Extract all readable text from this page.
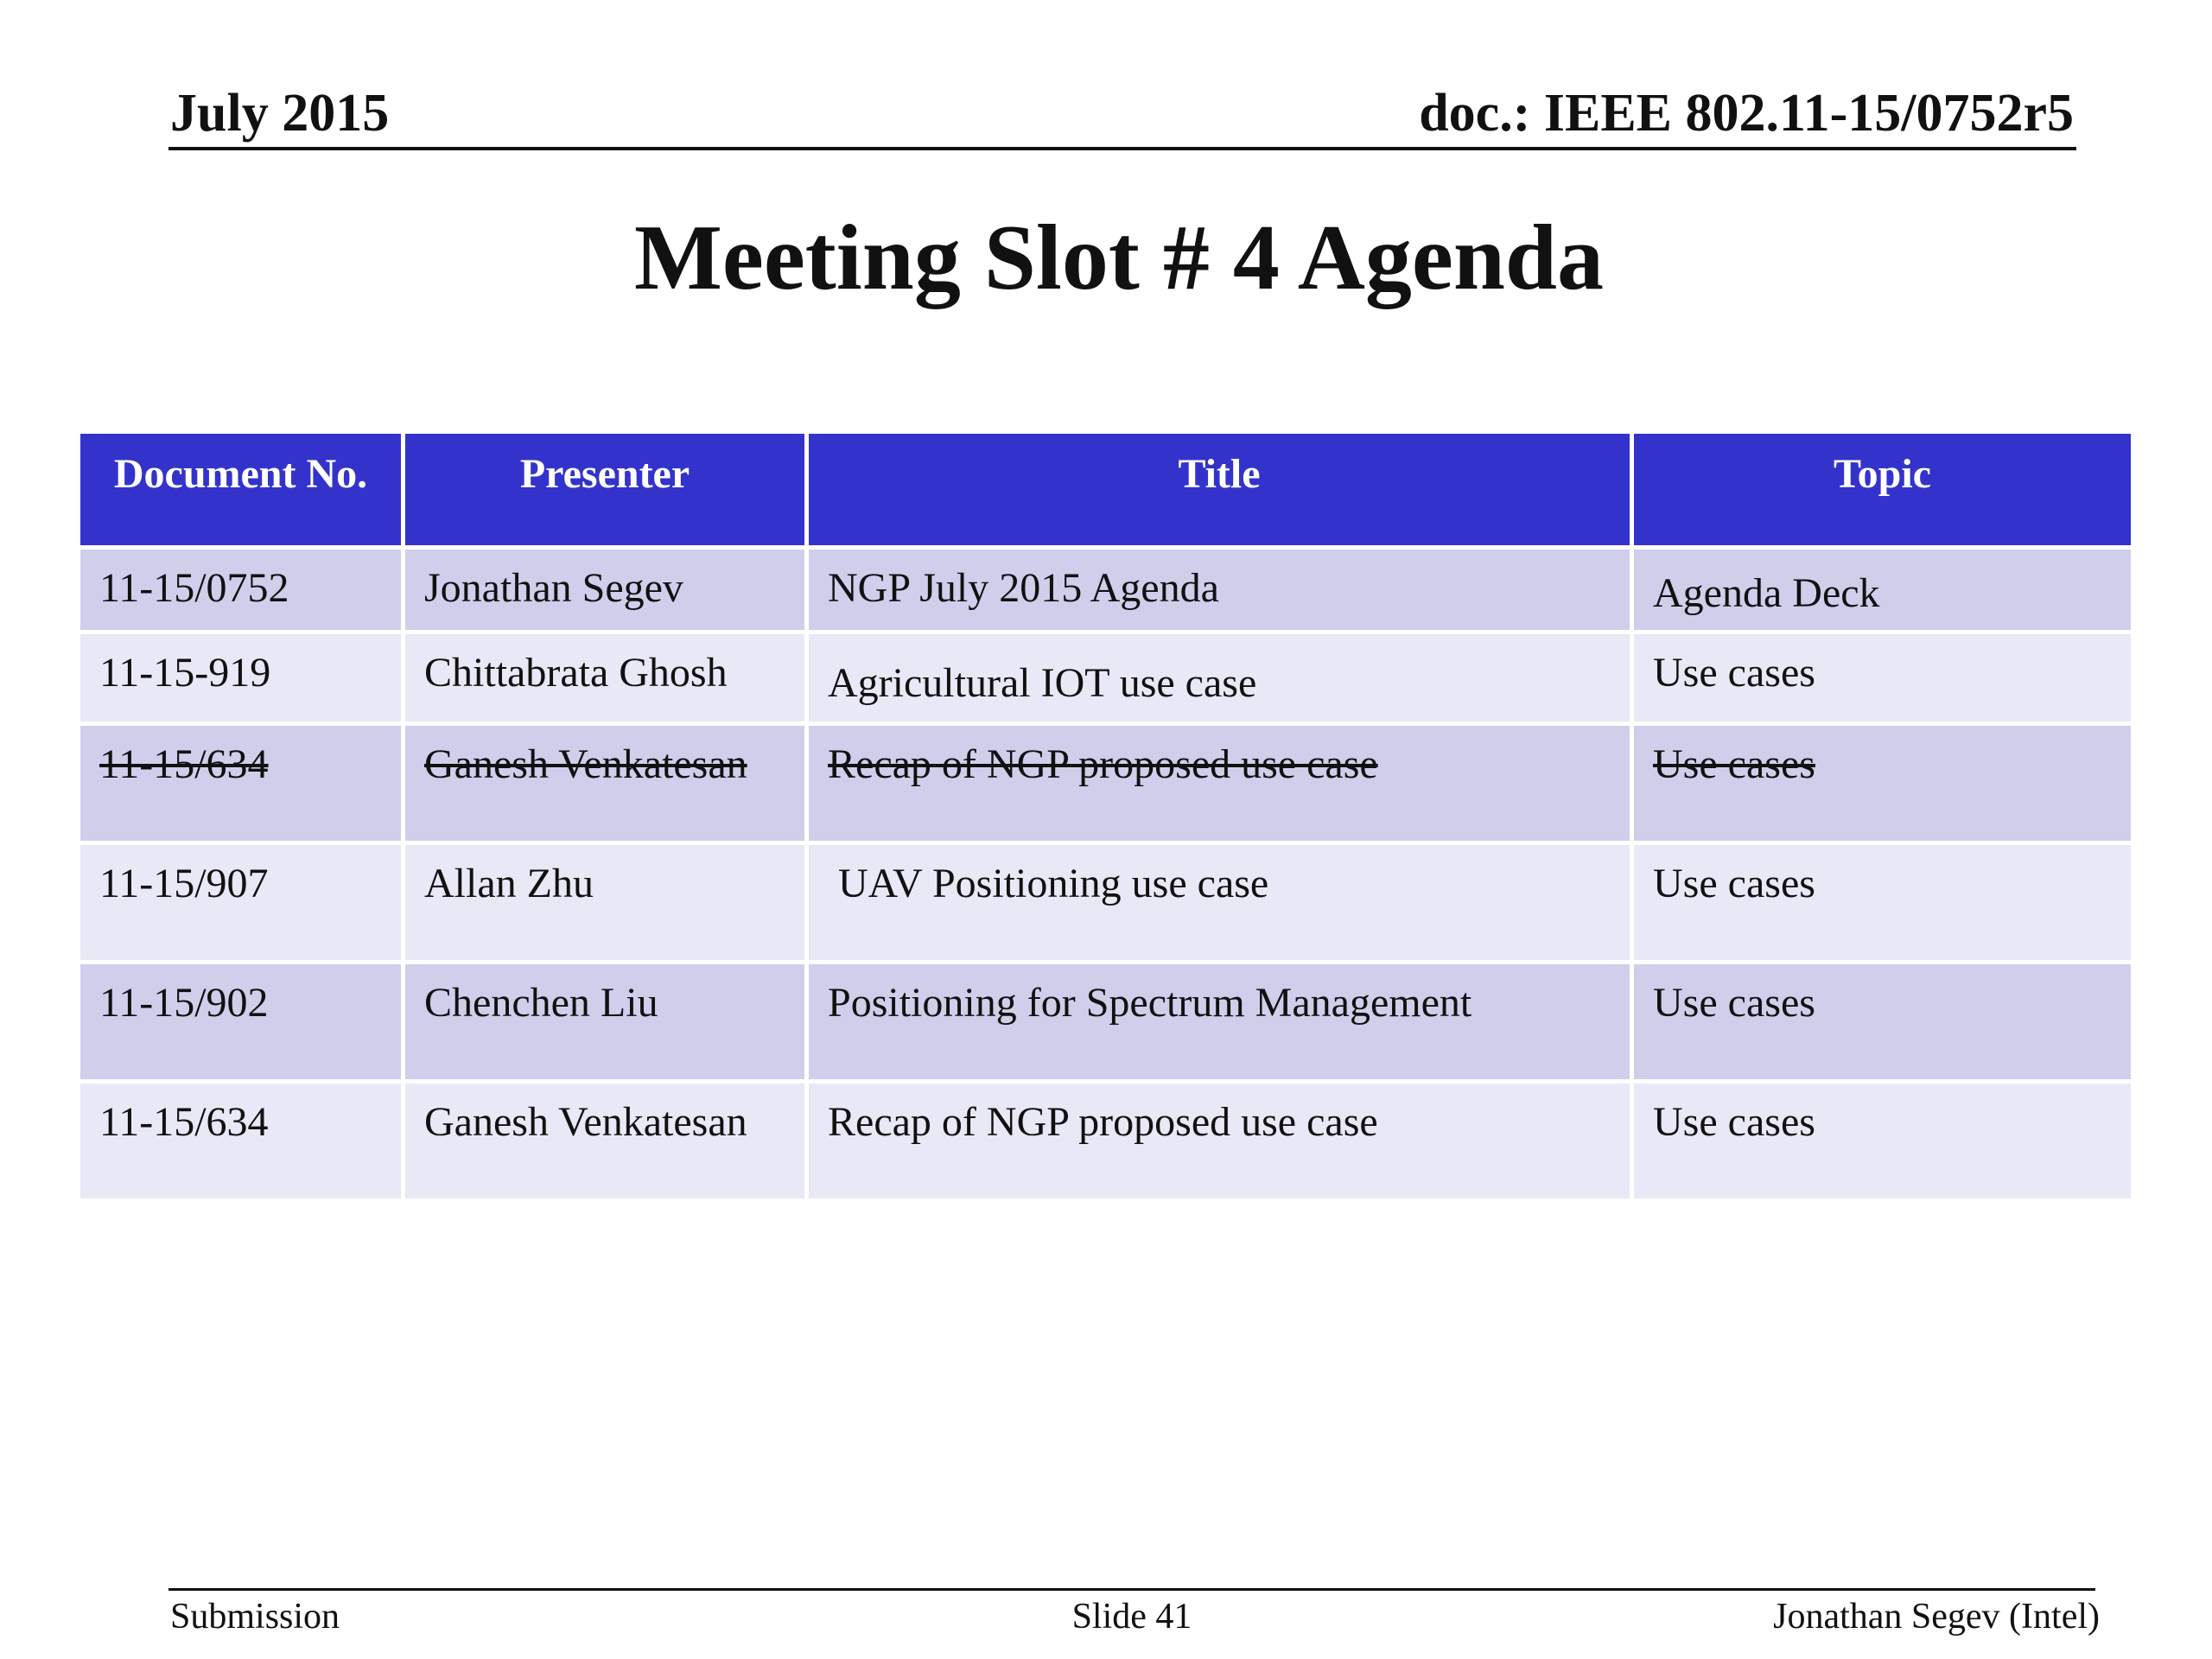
July 2015	doc.: IEEE 802.11-15/0752r5
Meeting Slot # 4 Agenda
Document No.	Presenter	Title	Topic
11-15/0752	Jonathan Segev	NGP July 2015 Agenda	Agenda Deck
11-15-919	Chittabrata Ghosh	Agricultural IOT use case	Use cases
11-15/634	Ganesh Venkatesan	Recap of NGP proposed use case	Use cases
11-15/907	Allan Zhu	UAV Positioning use case	Use cases
11-15/902	Chenchen Liu	Positioning for Spectrum Management	Use cases
11-15/634	Ganesh Venkatesan	Recap of NGP proposed use case	Use cases
Submission	Slide 41	Jonathan Segev (Intel)
